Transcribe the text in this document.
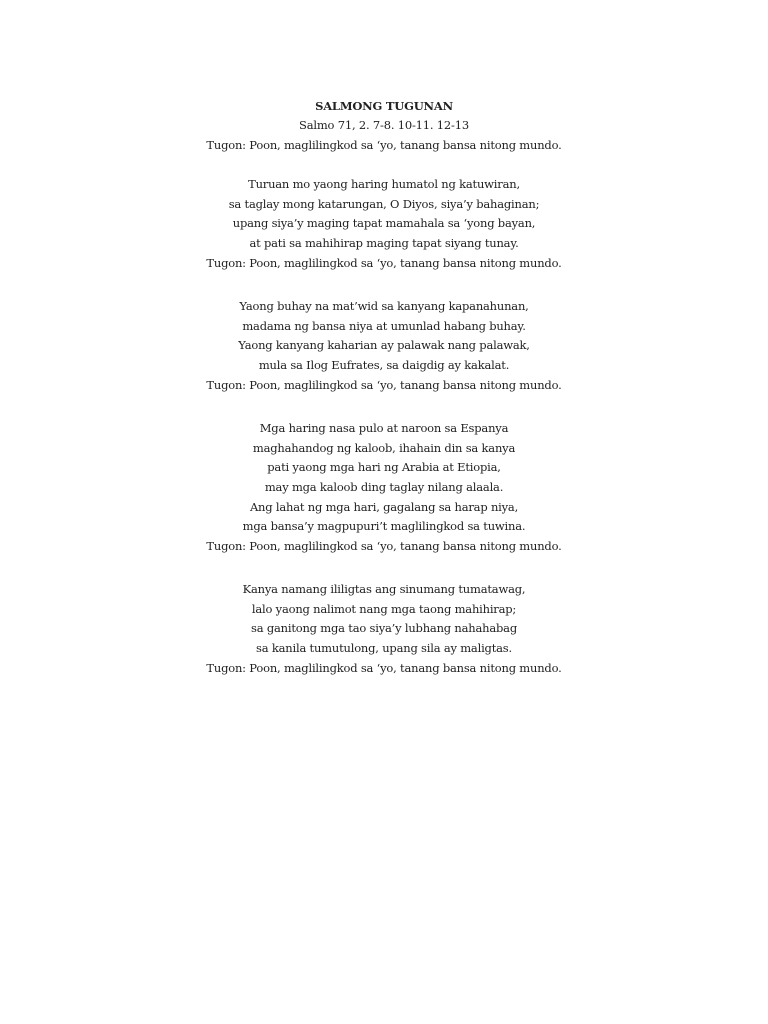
SALMONG TUGUNAN

Salmo 71, 2. 7-8. 10-11. 12-13

Tugon: Poon, maglilingkod sa ‘yo, tanang bansa nitong mundo.

Turuan mo yaong haring humatol ng katuwiran,

sa taglay mong katarungan, O Diyos, siya’y bahaginan;

upang siya’y maging tapat mamahala sa ‘yong bayan,

at pati sa mahihirap maging tapat siyang tunay.

Tugon: Poon, maglilingkod sa ‘yo, tanang bansa nitong mundo.

Yaong buhay na mat’wid sa kanyang kapanahunan,

madama ng bansa niya at umunlad habang buhay.

Yaong kanyang kaharian ay palawak nang palawak,

mula sa Ilog Eufrates, sa daigdig ay kakalat.

Tugon: Poon, maglilingkod sa ‘yo, tanang bansa nitong mundo.

Mga haring nasa pulo at naroon sa Espanya

maghahandog ng kaloob, ihahain din sa kanya

pati yaong mga hari ng Arabia at Etiopia,

may mga kaloob ding taglay nilang alaala.

Ang lahat ng mga hari, gagalang sa harap niya,

mga bansa’y magpupuri’t maglilingkod sa tuwina.

Tugon: Poon, maglilingkod sa ‘yo, tanang bansa nitong mundo.

Kanya namang ililigtas ang sinumang tumatawag,

lalo yaong nalimot nang mga taong mahihirap;

sa ganitong mga tao siya’y lubhang nahahabag

sa kanila tumutulong, upang sila ay maligtas.

Tugon: Poon, maglilingkod sa ‘yo, tanang bansa nitong mundo.
